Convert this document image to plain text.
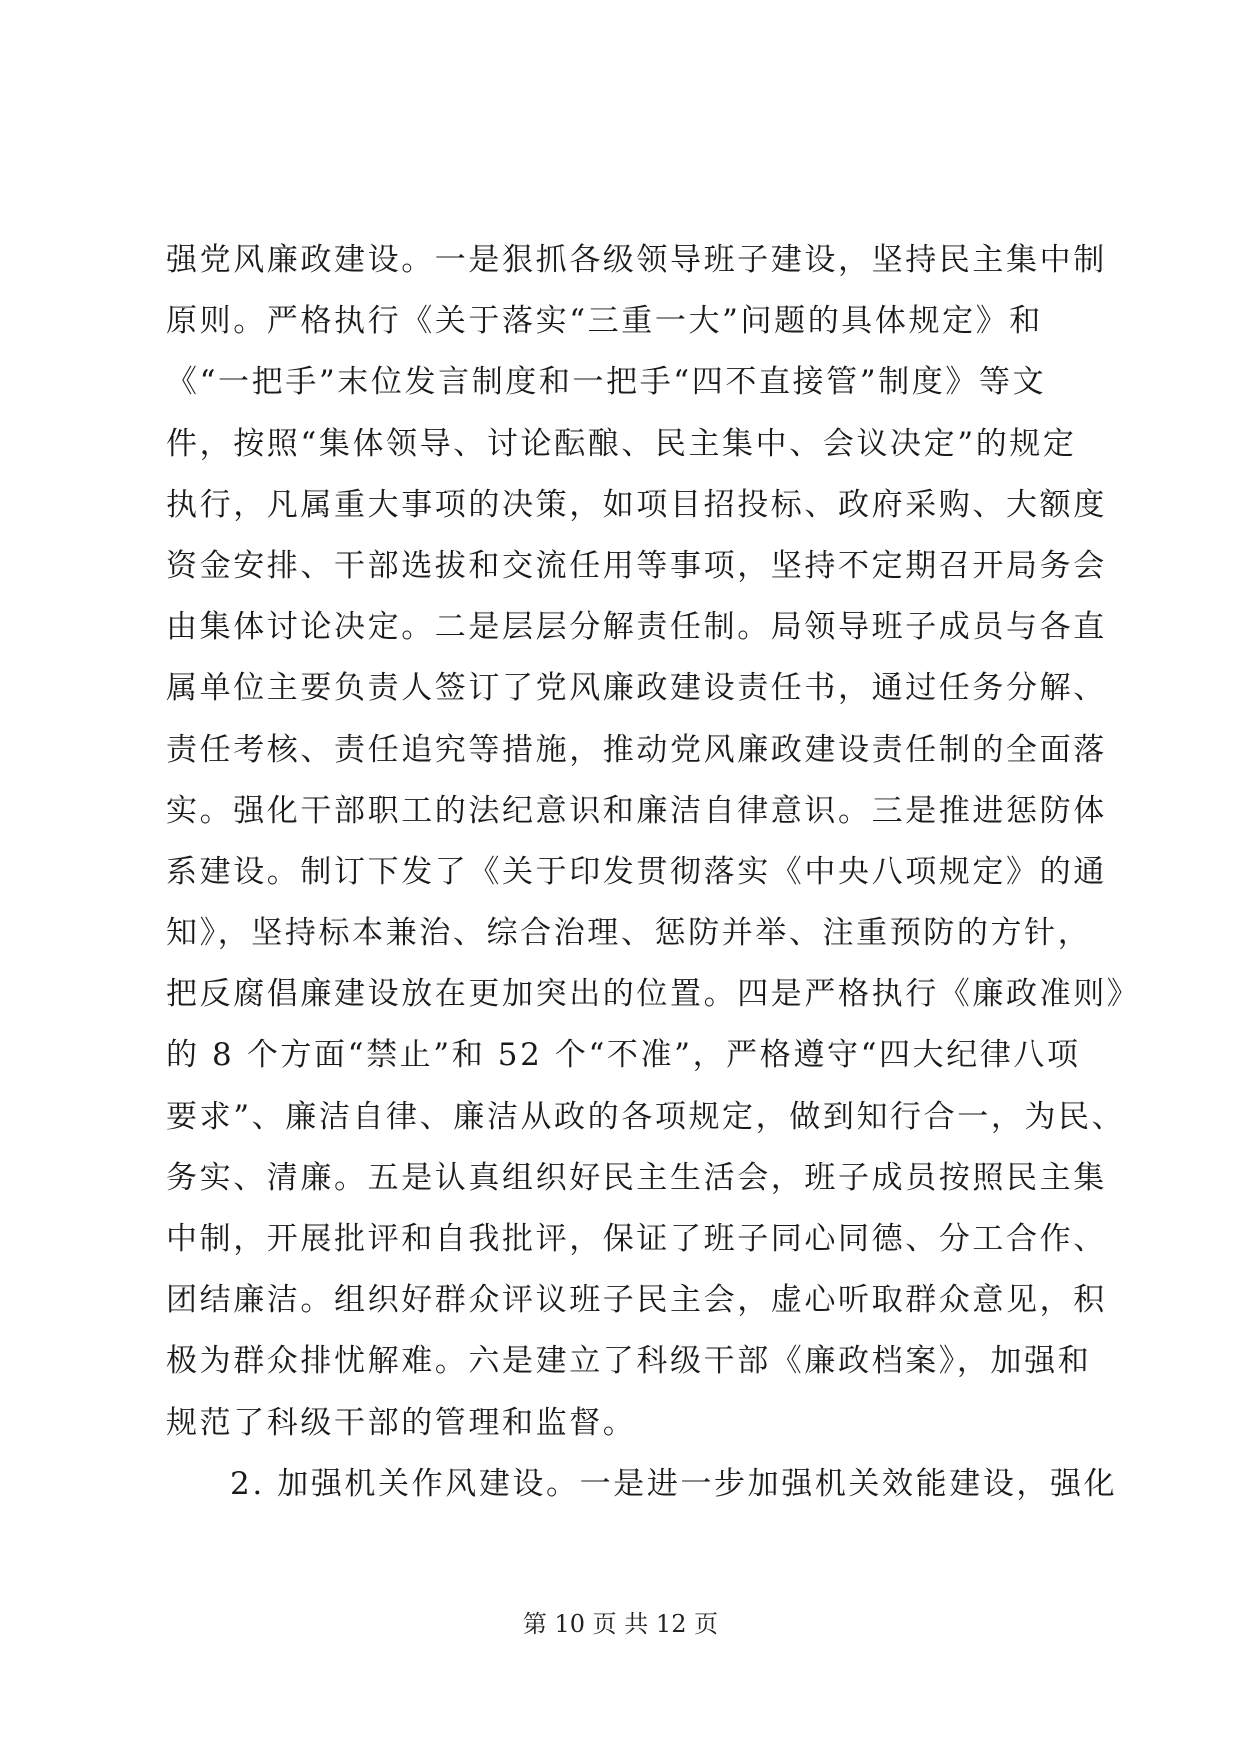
强党风廉政建设。一是狠抓各级领导班子建设，坚持民主集中制
原则。严格执行《关于落实“三重一大”问题的具体规定》和
《“一把手”末位发言制度和一把手“四不直接管”制度》等文
件，按照“集体领导、讨论酝酿、民主集中、会议决定”的规定
执行，凡属重大事项的决策，如项目招投标、政府采购、大额度
资金安排、干部选拔和交流任用等事项，坚持不定期召开局务会
由集体讨论决定。二是层层分解责任制。局领导班子成员与各直
属单位主要负责人签订了党风廉政建设责任书，通过任务分解、
责任考核、责任追究等措施，推动党风廉政建设责任制的全面落
实。强化干部职工的法纪意识和廉洁自律意识。三是推进惩防体
系建设。制订下发了《关于印发贯彻落实《中央八项规定》的通
知》，坚持标本兼治、综合治理、惩防并举、注重预防的方针，
把反腐倡廉建设放在更加突出的位置。四是严格执行《廉政准则》
的 8 个方面“禁止”和 52 个“不准”，严格遵守“四大纪律八项
要求”、廉洁自律、廉洁从政的各项规定，做到知行合一，为民、
务实、清廉。五是认真组织好民主生活会，班子成员按照民主集
中制，开展批评和自我批评，保证了班子同心同德、分工合作、
团结廉洁。组织好群众评议班子民主会，虚心听取群众意见，积
极为群众排忧解难。六是建立了科级干部《廉政档案》，加强和
规范了科级干部的管理和监督。
2. 加强机关作风建设。一是进一步加强机关效能建设，强化
第 10 页 共 12 页
